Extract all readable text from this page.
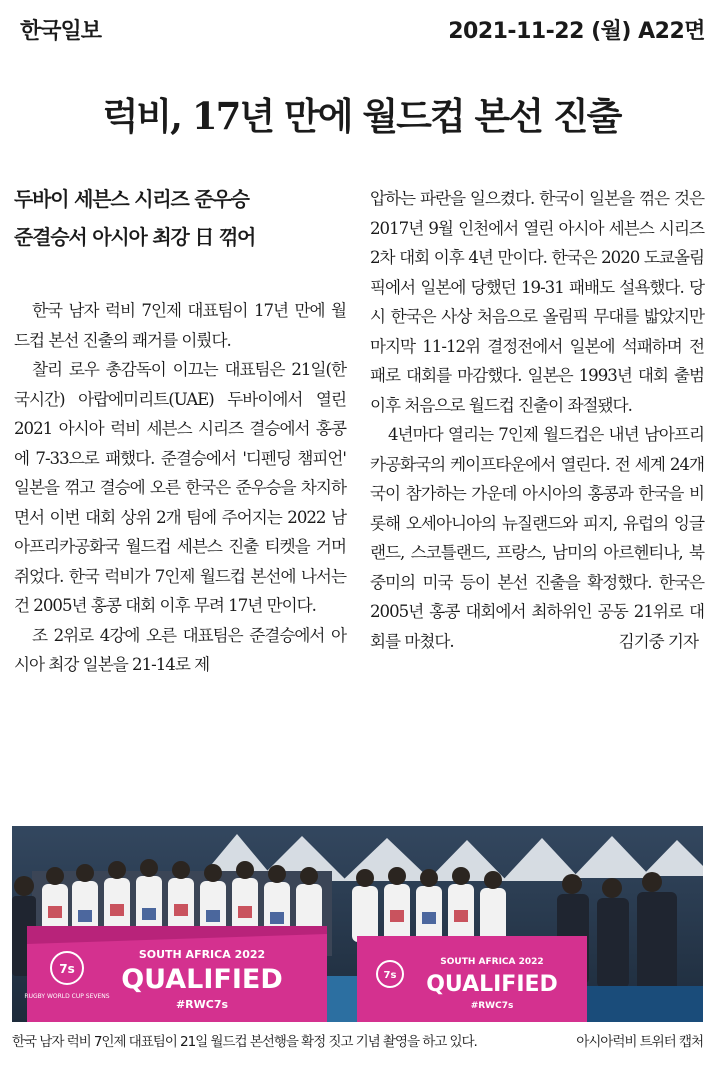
한국일보	2021-11-22 (월) A22면
럭비, 17년 만에 월드컵 본선 진출
두바이 세븐스 시리즈 준우승
준결승서 아시아 최강 日 꺾어

한국 남자 럭비 7인제 대표팀이 17년 만에 월드컵 본선 진출의 쾌거를 이뤘다.

찰리 로우 총감독이 이끄는 대표팀은 21일(한국시간) 아랍에미리트(UAE) 두바이에서 열린 2021 아시아 럭비 세븐스 시리즈 결승에서 홍콩에 7-33으로 패했다. 준결승에서 '디펜딩 챔피언' 일본을 꺾고 결승에 오른 한국은 준우승을 차지하면서 이번 대회 상위 2개 팀에 주어지는 2022 남아프리카공화국 월드컵 세븐스 진출 티켓을 거머쥐었다. 한국 럭비가 7인제 월드컵 본선에 나서는 건 2005년 홍콩 대회 이후 무려 17년 만이다.

조 2위로 4강에 오른 대표팀은 준결승에서 아시아 최강 일본을 21-14로 제

압하는 파란을 일으켰다. 한국이 일본을 꺾은 것은 2017년 9월 인천에서 열린 아시아 세븐스 시리즈 2차 대회 이후 4년 만이다. 한국은 2020 도쿄올림픽에서 일본에 당했던 19-31 패배도 설욕했다. 당시 한국은 사상 처음으로 올림픽 무대를 밟았지만 마지막 11-12위 결정전에서 일본에 석패하며 전패로 대회를 마감했다. 일본은 1993년 대회 출범 이후 처음으로 월드컵 진출이 좌절됐다.

4년마다 열리는 7인제 월드컵은 내년 남아프리카공화국의 케이프타운에서 열린다. 전 세계 24개국이 참가하는 가운데 아시아의 홍콩과 한국을 비롯해 오세아니아의 뉴질랜드와 피지, 유럽의 잉글랜드, 스코틀랜드, 프랑스, 남미의 아르헨티나, 북중미의 미국 등이 본선 진출을 확정했다. 한국은 2005년 홍콩 대회에서 최하위인 공동 21위로 대회를 마쳤다.	김기중 기자

7s
RUGBY WORLD CUP SEVENS
SOUTH AFRICA 2022
QUALIFIED
#RWC7s
7s
SOUTH AFRICA 2022
QUALIFIED
#RWC7s
한국 남자 럭비 7인제 대표팀이 21일 월드컵 본선행을 확정 짓고 기념 촬영을 하고 있다.	아시아럭비 트위터 캡처
